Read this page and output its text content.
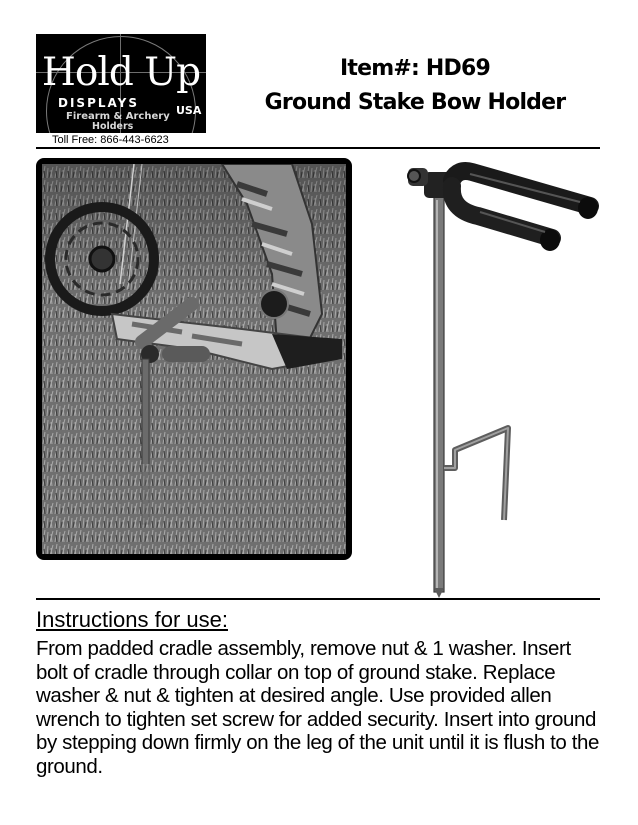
Hold Up
DISPLAYS
USA
Firearm & Archery
Holders
Toll Free: 866-443-6623
Item#: HD69
Ground Stake Bow Holder
Instructions for use:
From padded cradle assembly, remove nut & 1 washer. Insert bolt of cradle through collar on top of ground stake. Replace washer & nut & tighten at desired angle. Use provided allen wrench to tighten set screw for added security. Insert into ground by stepping down firmly on the leg of the unit until it is flush to the ground.
